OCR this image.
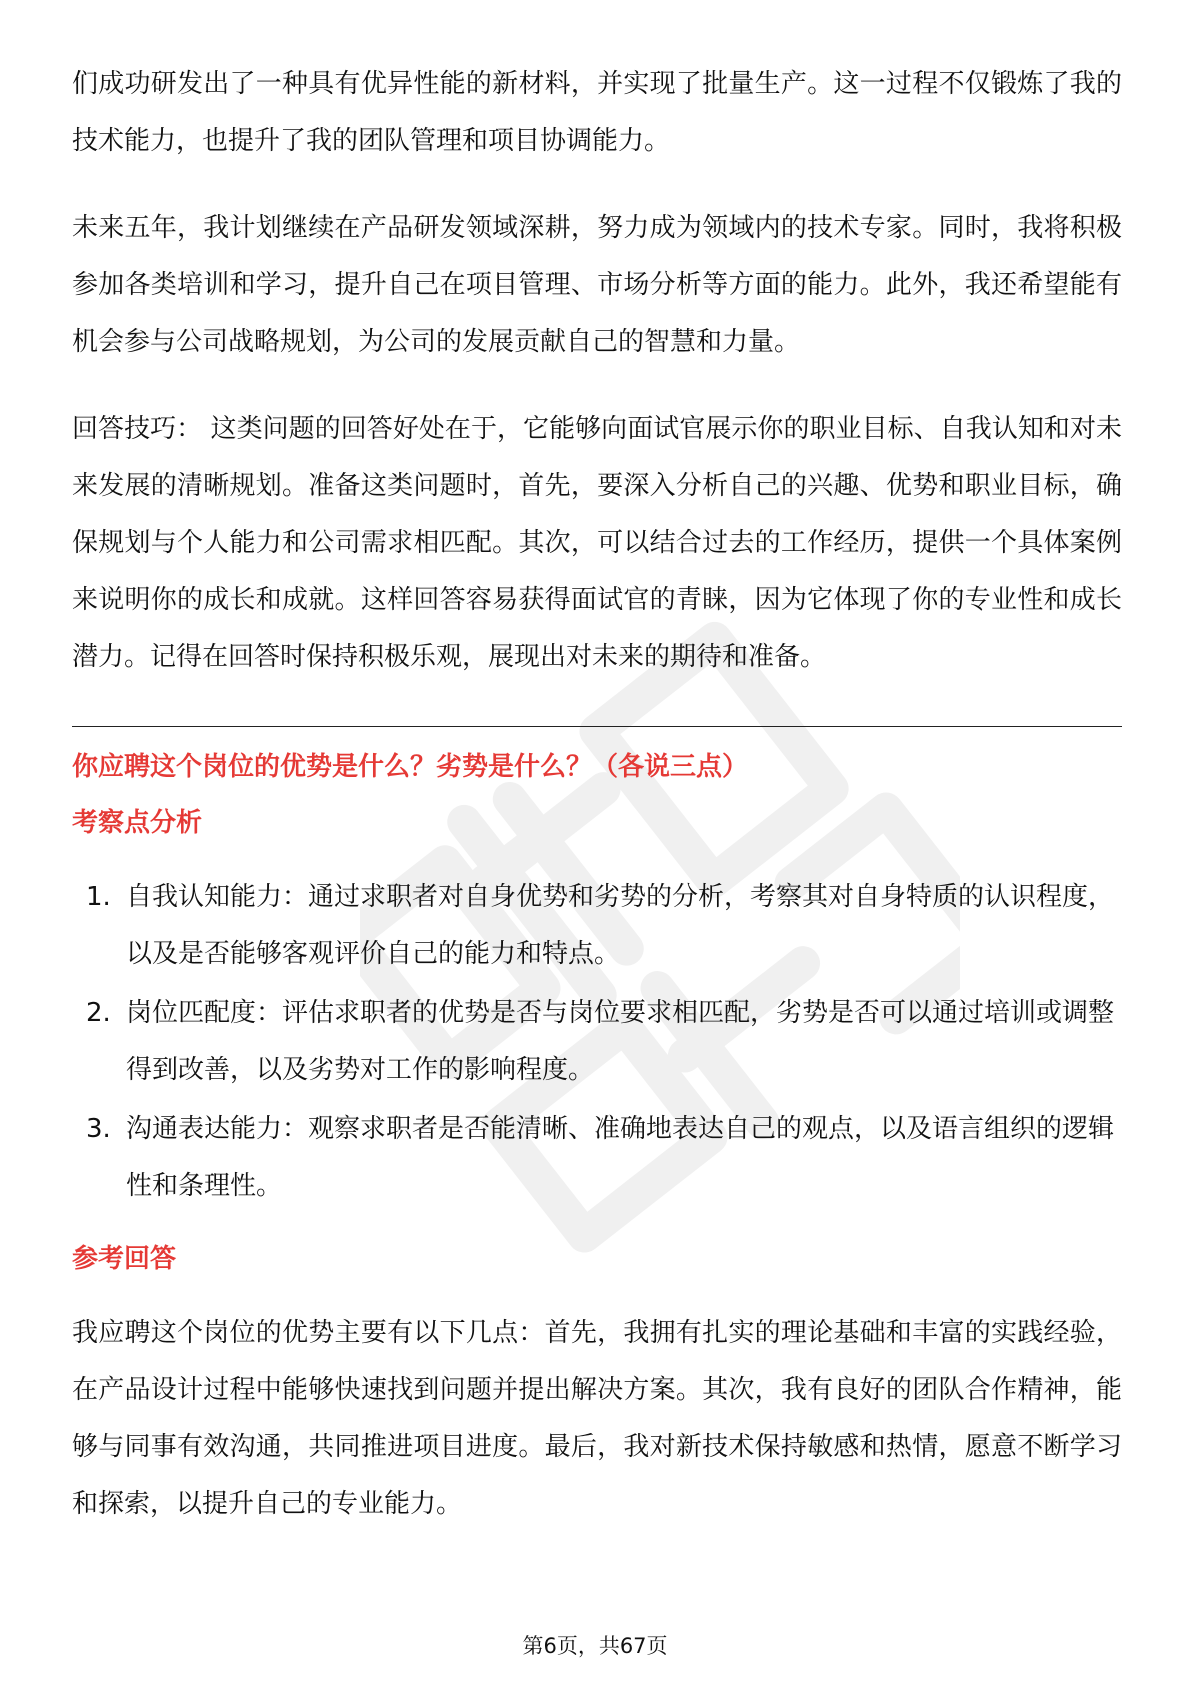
们成功研发出了一种具有优异性能的新材料，并实现了批量生产。这一过程不仅锻炼了我的技术能力，也提升了我的团队管理和项目协调能力。

未来五年，我计划继续在产品研发领域深耕，努力成为领域内的技术专家。同时，我将积极参加各类培训和学习，提升自己在项目管理、市场分析等方面的能力。此外，我还希望能有机会参与公司战略规划，为公司的发展贡献自己的智慧和力量。

回答技巧： 这类问题的回答好处在于，它能够向面试官展示你的职业目标、自我认知和对未来发展的清晰规划。准备这类问题时，首先，要深入分析自己的兴趣、优势和职业目标，确保规划与个人能力和公司需求相匹配。其次，可以结合过去的工作经历，提供一个具体案例来说明你的成长和成就。这样回答容易获得面试官的青睐，因为它体现了你的专业性和成长潜力。记得在回答时保持积极乐观，展现出对未来的期待和准备。

你应聘这个岗位的优势是什么？劣势是什么？（各说三点）
考察点分析
1. 自我认知能力：通过求职者对自身优势和劣势的分析，考察其对自身特质的认识程度，以及是否能够客观评价自己的能力和特点。
2. 岗位匹配度：评估求职者的优势是否与岗位要求相匹配，劣势是否可以通过培训或调整得到改善，以及劣势对工作的影响程度。
3. 沟通表达能力：观察求职者是否能清晰、准确地表达自己的观点，以及语言组织的逻辑性和条理性。
参考回答

我应聘这个岗位的优势主要有以下几点：首先，我拥有扎实的理论基础和丰富的实践经验，在产品设计过程中能够快速找到问题并提出解决方案。其次，我有良好的团队合作精神，能够与同事有效沟通，共同推进项目进度。最后，我对新技术保持敏感和热情，愿意不断学习和探索，以提升自己的专业能力。

第6页，共67页
